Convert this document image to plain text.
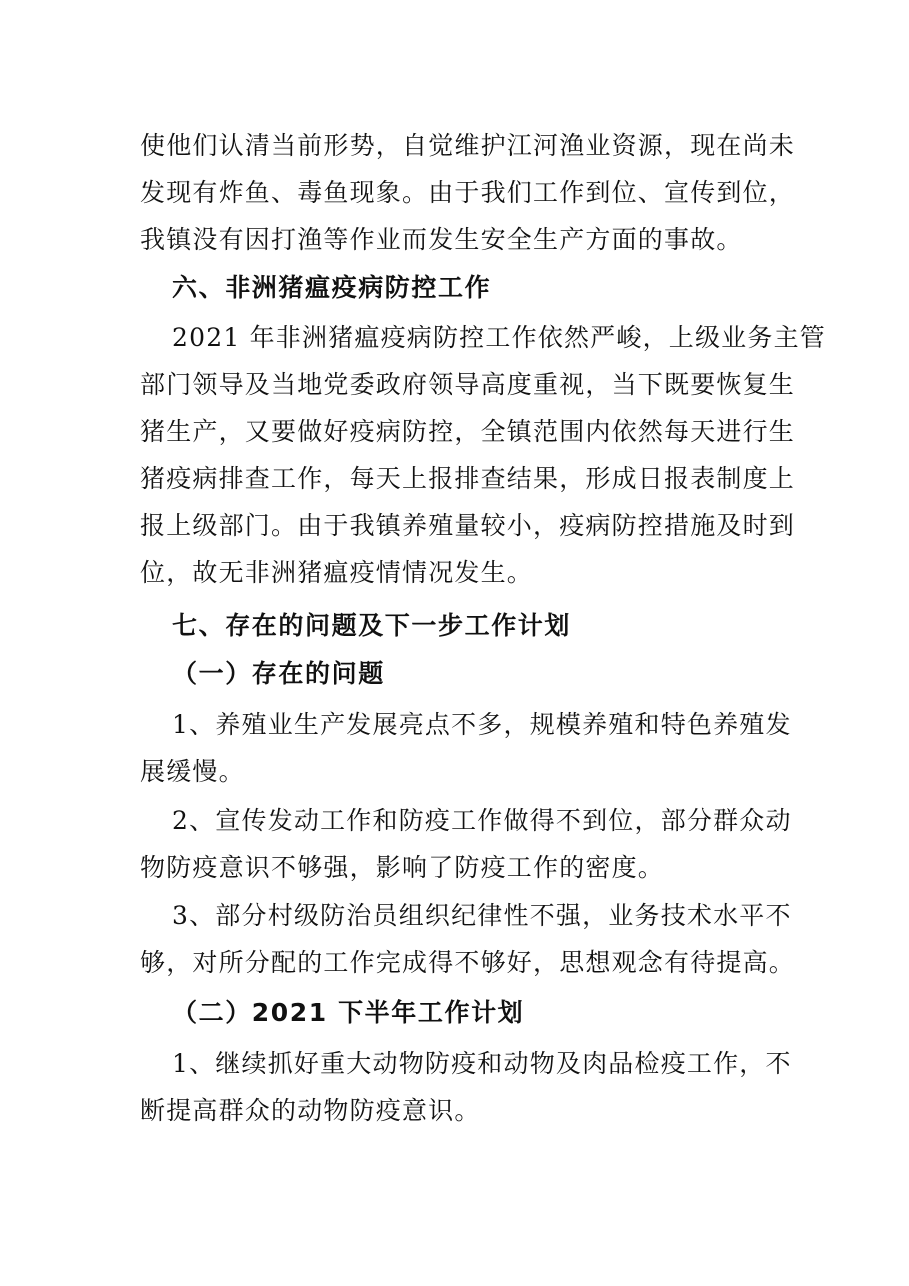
使他们认清当前形势，自觉维护江河渔业资源，现在尚未
发现有炸鱼、毒鱼现象。由于我们工作到位、宣传到位，
我镇没有因打渔等作业而发生安全生产方面的事故。
六、非洲猪瘟疫病防控工作
2021 年非洲猪瘟疫病防控工作依然严峻，上级业务主管
部门领导及当地党委政府领导高度重视，当下既要恢复生
猪生产，又要做好疫病防控，全镇范围内依然每天进行生
猪疫病排查工作，每天上报排查结果，形成日报表制度上
报上级部门。由于我镇养殖量较小，疫病防控措施及时到
位，故无非洲猪瘟疫情情况发生。
七、存在的问题及下一步工作计划
（一）存在的问题
1、养殖业生产发展亮点不多，规模养殖和特色养殖发
展缓慢。
2、宣传发动工作和防疫工作做得不到位，部分群众动
物防疫意识不够强，影响了防疫工作的密度。
3、部分村级防治员组织纪律性不强，业务技术水平不
够，对所分配的工作完成得不够好，思想观念有待提高。
（二）2021 下半年工作计划
1、继续抓好重大动物防疫和动物及肉品检疫工作，不
断提高群众的动物防疫意识。
